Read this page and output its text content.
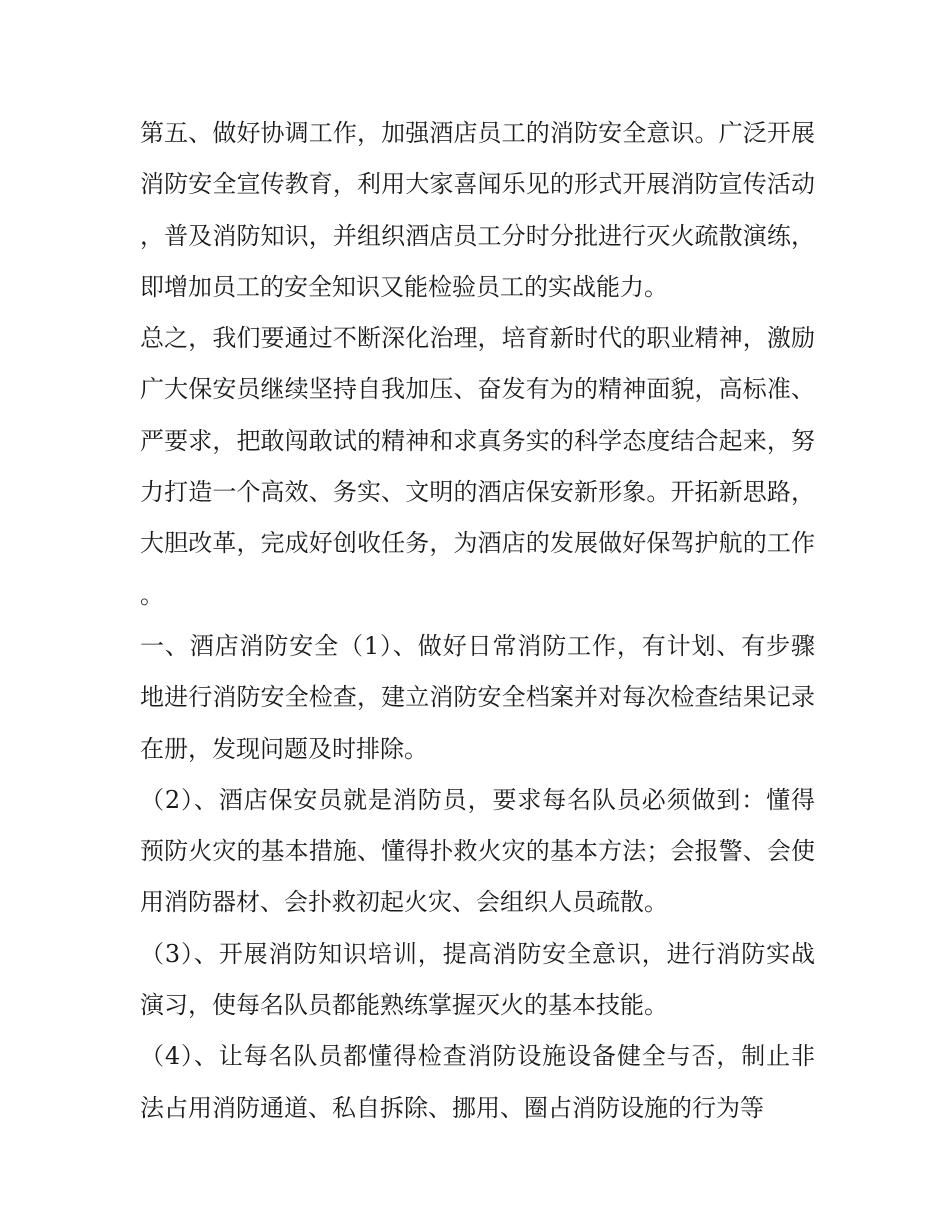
第五、做好协调工作，加强酒店员工的消防安全意识。广泛开展消防安全宣传教育，利用大家喜闻乐见的形式开展消防宣传活动，普及消防知识，并组织酒店员工分时分批进行灭火疏散演练，即增加员工的安全知识又能检验员工的实战能力。

总之，我们要通过不断深化治理，培育新时代的职业精神，激励广大保安员继续坚持自我加压、奋发有为的精神面貌，高标准、严要求，把敢闯敢试的精神和求真务实的科学态度结合起来，努力打造一个高效、务实、文明的酒店保安新形象。开拓新思路，大胆改革，完成好创收任务，为酒店的发展做好保驾护航的工作。

一、酒店消防安全（1）、做好日常消防工作，有计划、有步骤地进行消防安全检查，建立消防安全档案并对每次检查结果记录在册，发现问题及时排除。

（2）、酒店保安员就是消防员，要求每名队员必须做到：懂得预防火灾的基本措施、懂得扑救火灾的基本方法；会报警、会使用消防器材、会扑救初起火灾、会组织人员疏散。

（3）、开展消防知识培训，提高消防安全意识，进行消防实战演习，使每名队员都能熟练掌握灭火的基本技能。

（4）、让每名队员都懂得检查消防设施设备健全与否，制止非法占用消防通道、私自拆除、挪用、圈占消防设施的行为等
